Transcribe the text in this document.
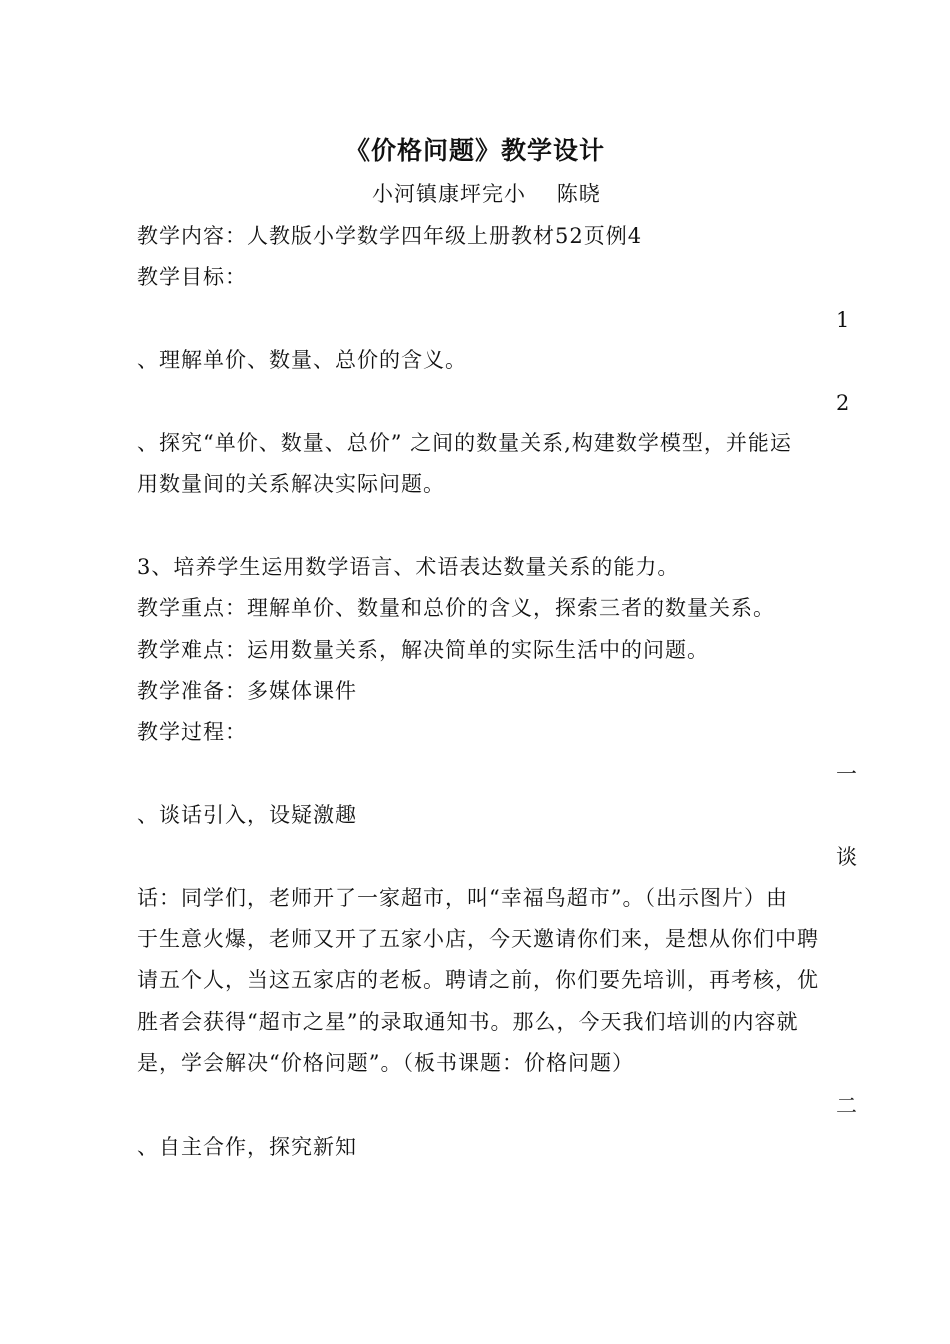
《价格问题》教学设计
小河镇康坪完小    陈晓
教学内容：人教版小学数学四年级上册教材52页例4
教学目标：
1
、理解单价、数量、总价的含义。
2
、探究“单价、数量、总价” 之间的数量关系,构建数学模型，并能运
用数量间的关系解决实际问题。
3、培养学生运用数学语言、术语表达数量关系的能力。
教学重点：理解单价、数量和总价的含义，探索三者的数量关系。
教学难点：运用数量关系，解决简单的实际生活中的问题。
教学准备：多媒体课件
教学过程：
一
、谈话引入，设疑激趣
谈
话：同学们，老师开了一家超市，叫“幸福鸟超市”。（出示图片）由
于生意火爆，老师又开了五家小店，今天邀请你们来，是想从你们中聘
请五个人，当这五家店的老板。聘请之前，你们要先培训，再考核，优
胜者会获得“超市之星”的录取通知书。那么，今天我们培训的内容就
是，学会解决“价格问题”。（板书课题：价格问题）
二
、自主合作，探究新知
